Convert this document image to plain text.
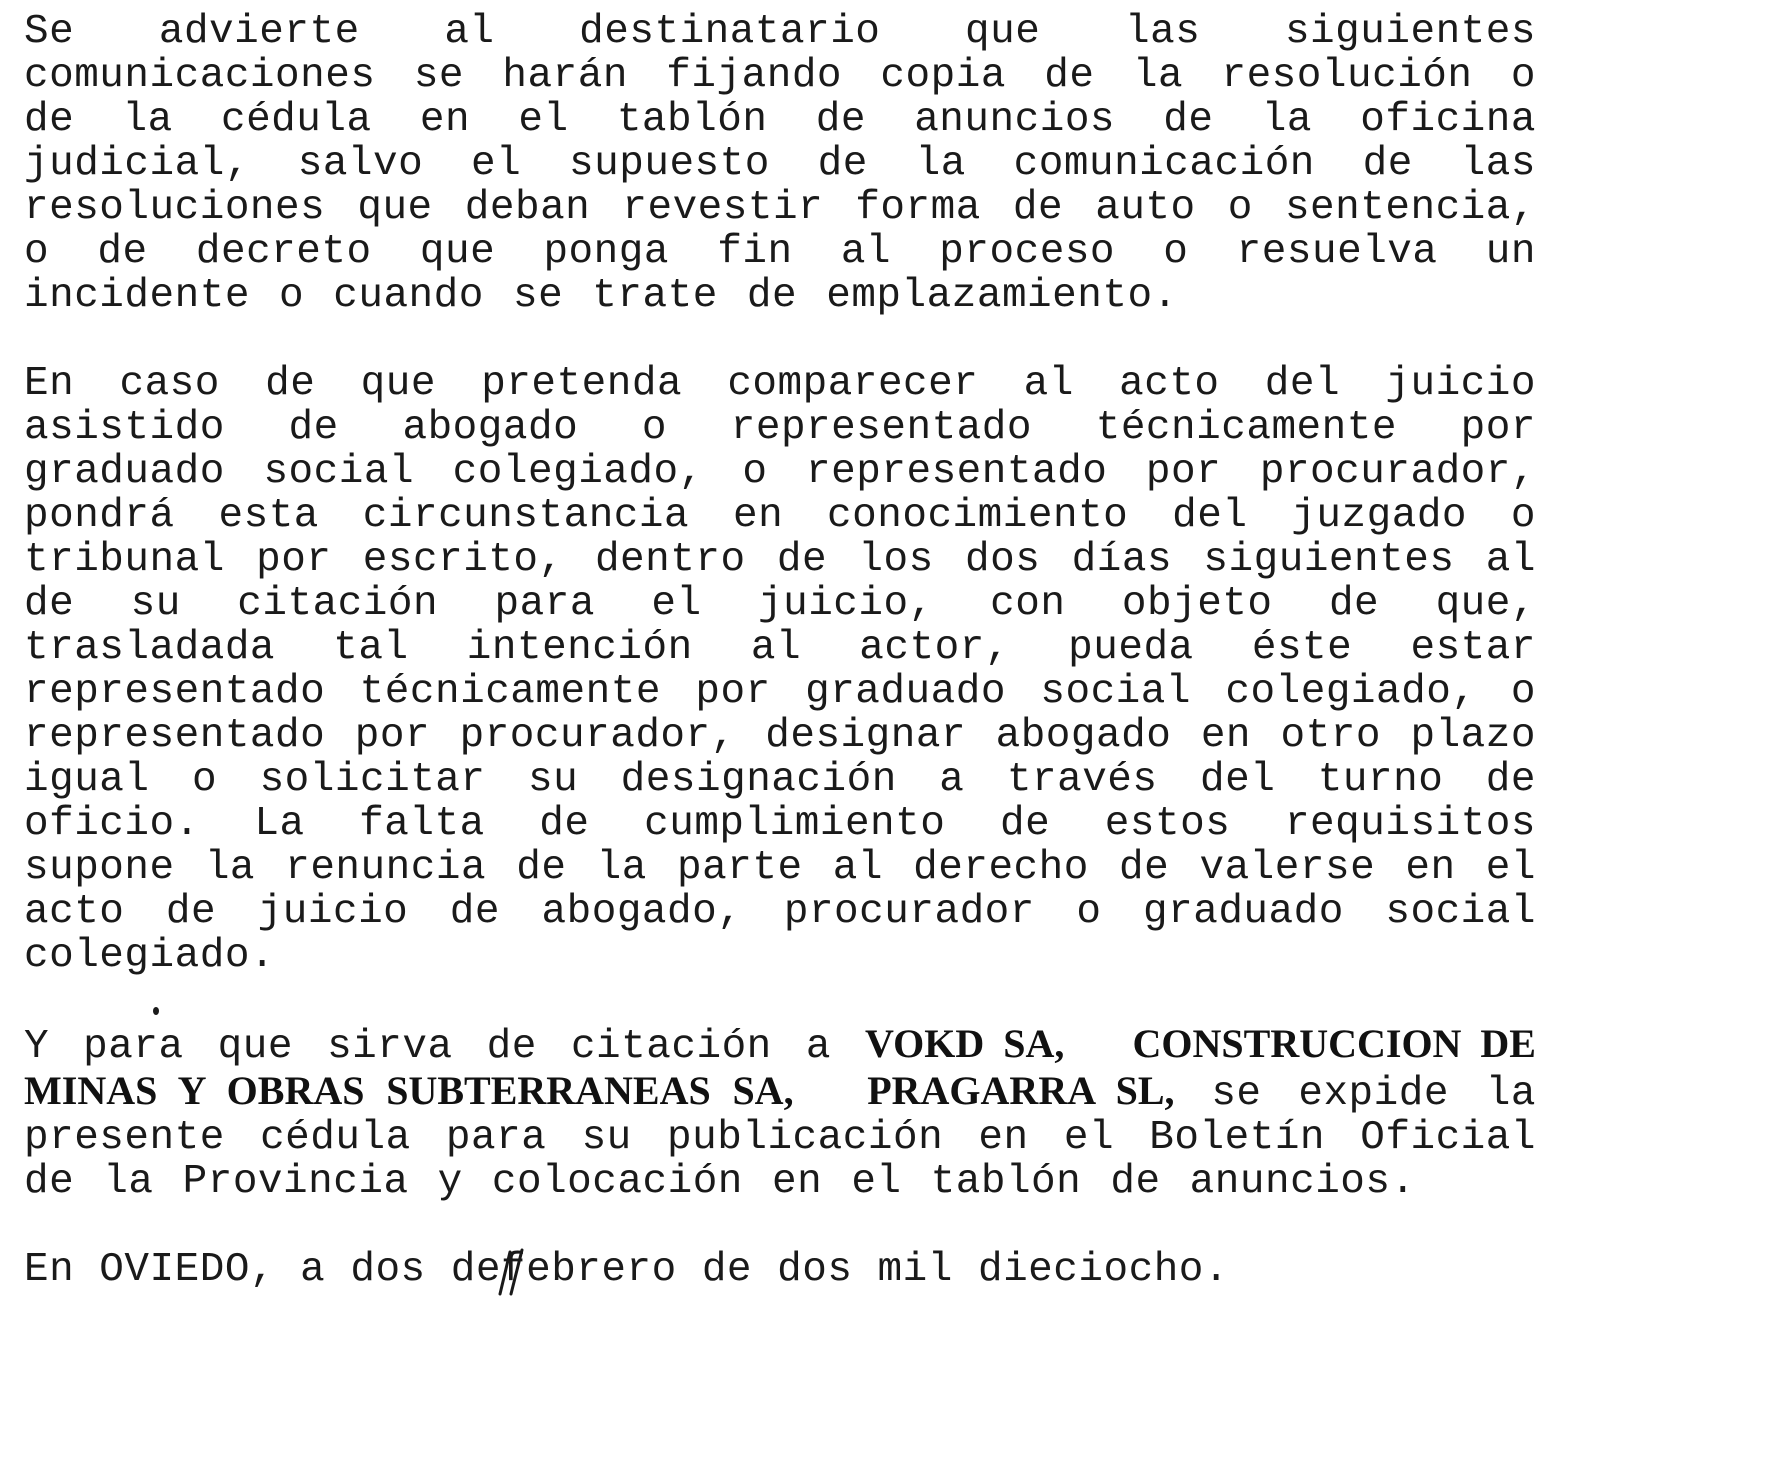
Se advierte al destinatario que las siguientes comunicaciones se harán fijando copia de la resolución o de la cédula en el tablón de anuncios de la oficina judicial, salvo el supuesto de la comunicación de las resoluciones que deban revestir forma de auto o sentencia, o de decreto que ponga fin al proceso o resuelva un incidente o cuando se trate de emplazamiento.

En caso de que pretenda comparecer al acto del juicio asistido de abogado o representado técnicamente por graduado social colegiado, o representado por procurador, pondrá esta circunstancia en conocimiento del juzgado o tribunal por escrito, dentro de los dos días siguientes al de su citación para el juicio, con objeto de que, trasladada tal intención al actor, pueda éste estar representado técnicamente por graduado social colegiado, o representado por procurador, designar abogado en otro plazo igual o solicitar su designación a través del turno de oficio. La falta de cumplimiento de estos requisitos supone la renuncia de la parte al derecho de valerse en el acto de juicio de abogado, procurador o graduado social colegiado.

Y para que sirva de citación a VOKD SA, CONSTRUCCION DE MINAS Y OBRAS SUBTERRANEAS SA, PRAGARRA SL, se expide la presente cédula para su publicación en el Boletín Oficial de la Provincia y colocación en el tablón de anuncios.

En OVIEDO, a dos defebrero de dos mil dieciocho.
